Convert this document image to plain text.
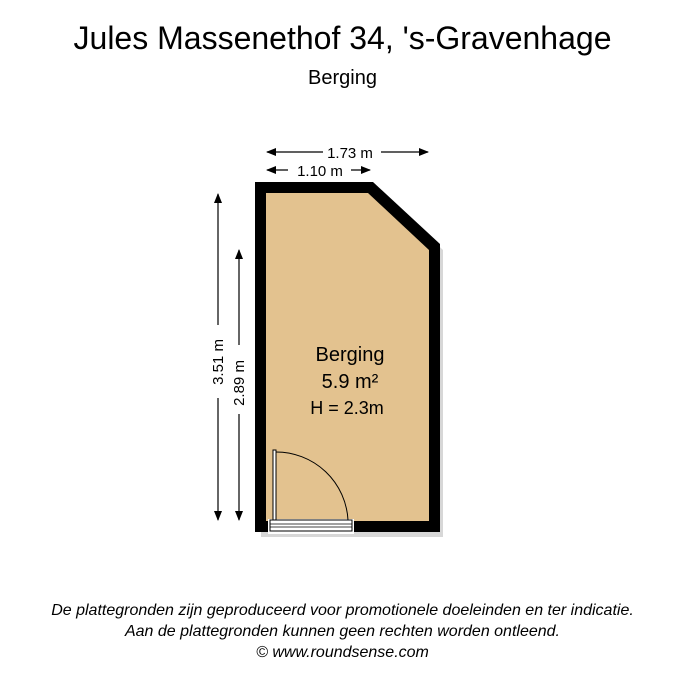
Jules Massenethof 34, 's-Gravenhage
Berging
1.73 m
1.10 m
3.51 m 2.89 m
Berging
5.9 m²
H = 2.3m
De plattegronden zijn geproduceerd voor promotionele doeleinden en ter indicatie.
Aan de plattegronden kunnen geen rechten worden ontleend.
© www.roundsense.com
